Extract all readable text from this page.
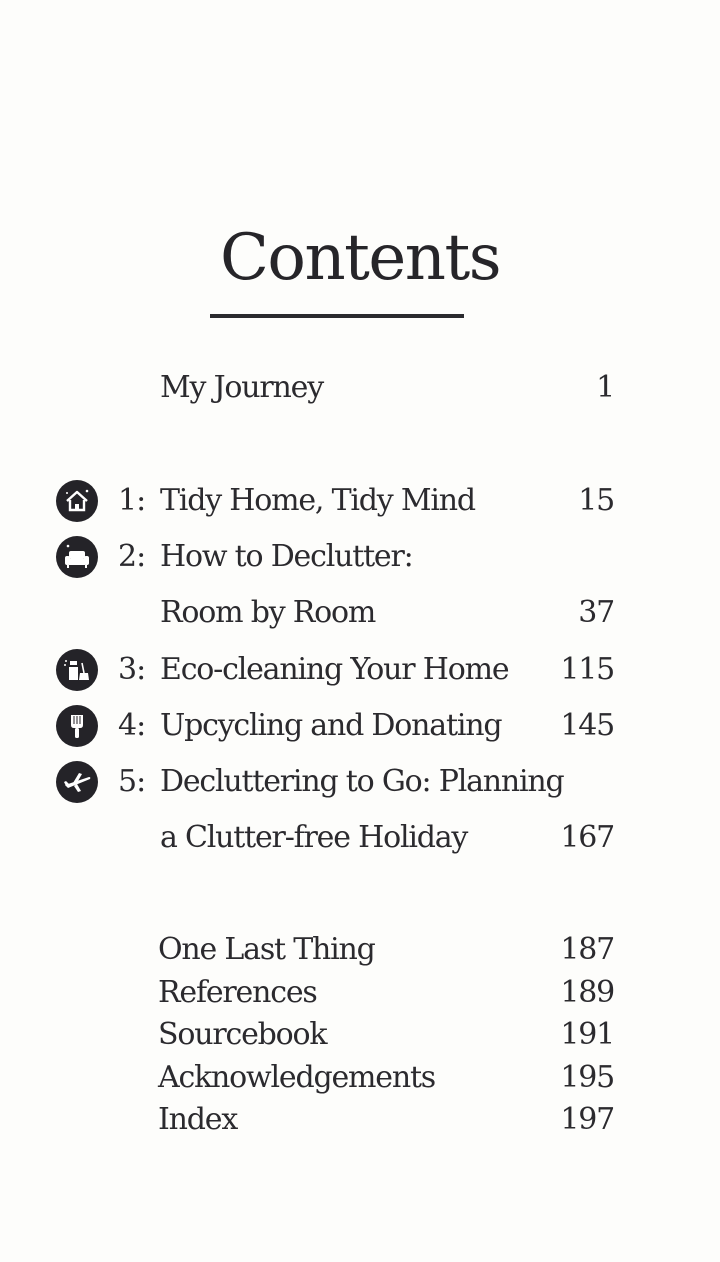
Contents
My Journey	1
1: Tidy Home, Tidy Mind	15
2: How to Declutter:
Room by Room	37
3: Eco-cleaning Your Home 115
4: Upcycling and Donating 145
5: Decluttering to Go: Planning
a Clutter-free Holiday	167
One Last Thing	187
References	189
Sourcebook	191
Acknowledgements	195
Index	197
